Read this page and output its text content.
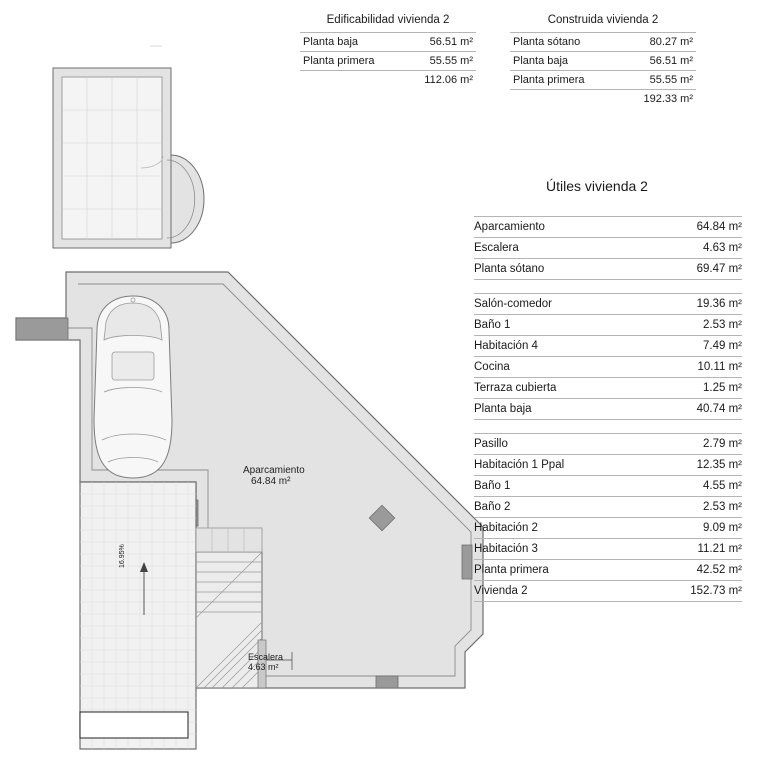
Aparcamiento
64.84 m²
Escalera
4.63 m²
16.95%
Edificabilidad vivienda 2
Planta baja	56.51 m²
Planta primera	55.55 m²
	112.06 m²
Construida vivienda 2
Planta sótano	80.27 m²
Planta baja	56.51 m²
Planta primera	55.55 m²
	192.33 m²
Útiles vivienda 2
Aparcamiento	64.84 m²
Escalera	4.63 m²
Planta sótano	69.47 m²

Salón-comedor	19.36 m²
Baño 1	2.53 m²
Habitación 4	7.49 m²
Cocina	10.11 m²
Terraza cubierta	1.25 m²
Planta baja	40.74 m²

Pasillo	2.79 m²
Habitación 1 Ppal	12.35 m²
Baño 1	4.55 m²
Baño 2	2.53 m²
Habitación 2	9.09 m²
Habitación 3	11.21 m²
Planta primera	42.52 m²
Vivienda 2	152.73 m²
